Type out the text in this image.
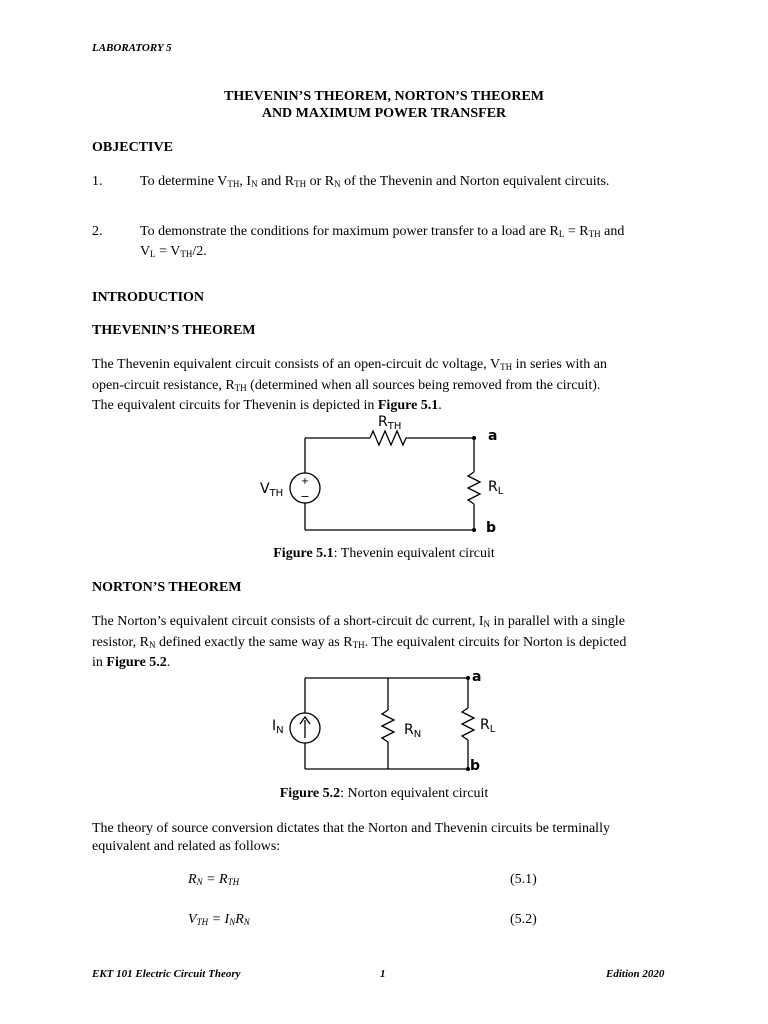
LABORATORY 5
THEVENIN’S THEOREM, NORTON’S THEOREM
AND MAXIMUM POWER TRANSFER
OBJECTIVE
1.	To determine $V_{TH}$, $I_N$ and $R_{TH}$ or $R_N$ of the Thevenin and Norton equivalent circuits.
2.	To demonstrate the conditions for maximum power transfer to a load are $R_L = R_{TH}$ and
$V_L = V_{TH}/2$.
INTRODUCTION
THEVENIN’S THEOREM
The Thevenin equivalent circuit consists of an open-circuit dc voltage, $V_{TH}$ in series with an
open-circuit resistance, $R_{TH}$ (determined when all sources being removed from the circuit).
The equivalent circuits for Thevenin is depicted in Figure 5.1.
+
−
$R_{TH}$
$V_{TH}$	$R_L$
a
b
Figure 5.1: Thevenin equivalent circuit
NORTON’S THEOREM
The Norton’s equivalent circuit consists of a short-circuit dc current, $I_N$ in parallel with a single
resistor, $R_N$ defined exactly the same way as $R_{TH}$. The equivalent circuits for Norton is depicted
in Figure 5.2.
$I_N$	$R_N$
$R_L$
a
b
Figure 5.2: Norton equivalent circuit
The theory of source conversion dictates that the Norton and Thevenin circuits be terminally
equivalent and related as follows:
$R_N = R_{TH}$	(5.1)
$V_{TH} = I_NR_N$	(5.2)
EKT 101 Electric Circuit Theory	1	Edition 2020
